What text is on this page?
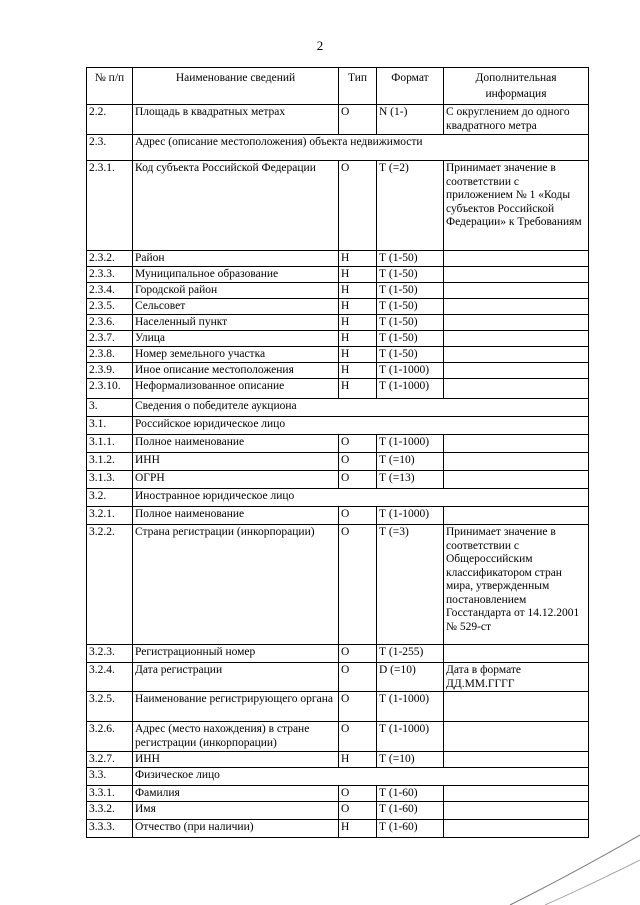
2
№ п/п	Наименование сведений	Тип	Формат	Дополнительная информация
2.2.	Площадь в квадратных метрах	О	N (1-)	С округлением до одного квадратного метра
2.3.	Адрес (описание местоположения) объекта недвижимости			
2.3.1.	Код субъекта Российской Федерации	О	Т (=2)	Принимает значение в соответствии с приложением № 1 «Коды субъектов Российской Федерации» к Требованиям
2.3.2.	Район	Н	Т (1-50)	
2.3.3.	Муниципальное образование	Н	Т (1-50)	
2.3.4.	Городской район	Н	Т (1-50)	
2.3.5.	Сельсовет	Н	Т (1-50)	
2.3.6.	Населенный пункт	Н	Т (1-50)	
2.3.7.	Улица	Н	Т (1-50)	
2.3.8.	Номер земельного участка	Н	Т (1-50)	
2.3.9.	Иное описание местоположения	Н	Т (1-1000)	
2.3.10.	Неформализованное описание	Н	Т (1-1000)	
3.	Сведения о победителе аукциона			
3.1.	Российское юридическое лицо			
3.1.1.	Полное наименование	О	Т (1-1000)	
3.1.2.	ИНН	О	Т (=10)	
3.1.3.	ОГРН	О	Т (=13)	
3.2.	Иностранное юридическое лицо			
3.2.1.	Полное наименование	О	Т (1-1000)	
3.2.2.	Страна регистрации (инкорпорации)	О	Т (=3)	Принимает значение в соответствии с Общероссийским классификатором стран мира, утвержденным постановлением Госстандарта от 14.12.2001 № 529-ст
3.2.3.	Регистрационный номер	О	Т (1-255)	
3.2.4.	Дата регистрации	О	D (=10)	Дата в формате ДД.ММ.ГГГГ
3.2.5.	Наименование регистрирующего органа	О	Т (1-1000)	
3.2.6.	Адрес (место нахождения) в стране регистрации (инкорпорации)	О	Т (1-1000)	
3.2.7.	ИНН	Н	Т (=10)	
3.3.	Физическое лицо			
3.3.1.	Фамилия	О	Т (1-60)	
3.3.2.	Имя	О	Т (1-60)	
3.3.3.	Отчество (при наличии)	Н	Т (1-60)	
